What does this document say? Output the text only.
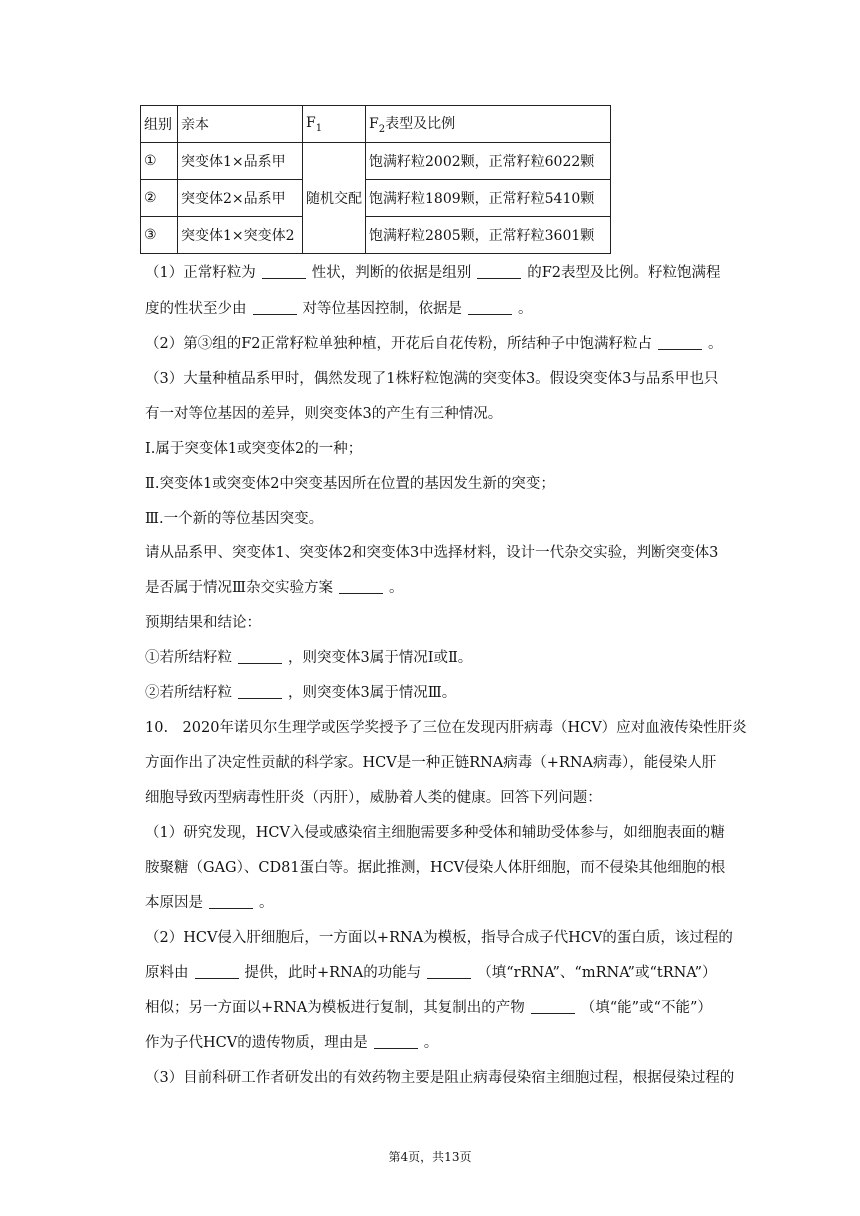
组别	亲本	$F_1$	$F_2$表型及比例
①	突变体1×品系甲	随机交配	饱满籽粒2002颗，正常籽粒6022颗
②	突变体2×品系甲		饱满籽粒1809颗，正常籽粒5410颗
③	突变体1×突变体2		饱满籽粒2805颗，正常籽粒3601颗
（1）正常籽粒为	性状，判断的依据是组别	的F2表型及比例。籽粒饱满程
度的性状至少由	对等位基因控制，依据是	。
（2）第③组的F2正常籽粒单独种植，开花后自花传粉，所结种子中饱满籽粒占	。
（3）大量种植品系甲时，偶然发现了1株籽粒饱满的突变体3。假设突变体3与品系甲也只
有一对等位基因的差异，则突变体3的产生有三种情况。
Ⅰ.属于突变体1或突变体2的一种；
Ⅱ.突变体1或突变体2中突变基因所在位置的基因发生新的突变；
Ⅲ.一个新的等位基因突变。
请从品系甲、突变体1、突变体2和突变体3中选择材料，设计一代杂交实验，判断突变体3
是否属于情况Ⅲ杂交实验方案	。
预期结果和结论：
①若所结籽粒	，则突变体3属于情况Ⅰ或Ⅱ。
②若所结籽粒	，则突变体3属于情况Ⅲ。
10.　2020年诺贝尔生理学或医学奖授予了三位在发现丙肝病毒（HCV）应对血液传染性肝炎
方面作出了决定性贡献的科学家。HCV是一种正链RNA病毒（+RNA病毒），能侵染人肝
细胞导致丙型病毒性肝炎（丙肝），威胁着人类的健康。回答下列问题：
（1）研究发现，HCV入侵或感染宿主细胞需要多种受体和辅助受体参与，如细胞表面的糖
胺聚糖（GAG）、CD81蛋白等。据此推测，HCV侵染人体肝细胞，而不侵染其他细胞的根
本原因是	。
（2）HCV侵入肝细胞后，一方面以+RNA为模板，指导合成子代HCV的蛋白质，该过程的
原料由	提供，此时+RNA的功能与	（填“rRNA”、“mRNA”或“tRNA”）
相似；另一方面以+RNA为模板进行复制，其复制出的产物	（填“能”或“不能”）
作为子代HCV的遗传物质，理由是	。
（3）目前科研工作者研发出的有效药物主要是阻止病毒侵染宿主细胞过程，根据侵染过程的
第4页，共13页
